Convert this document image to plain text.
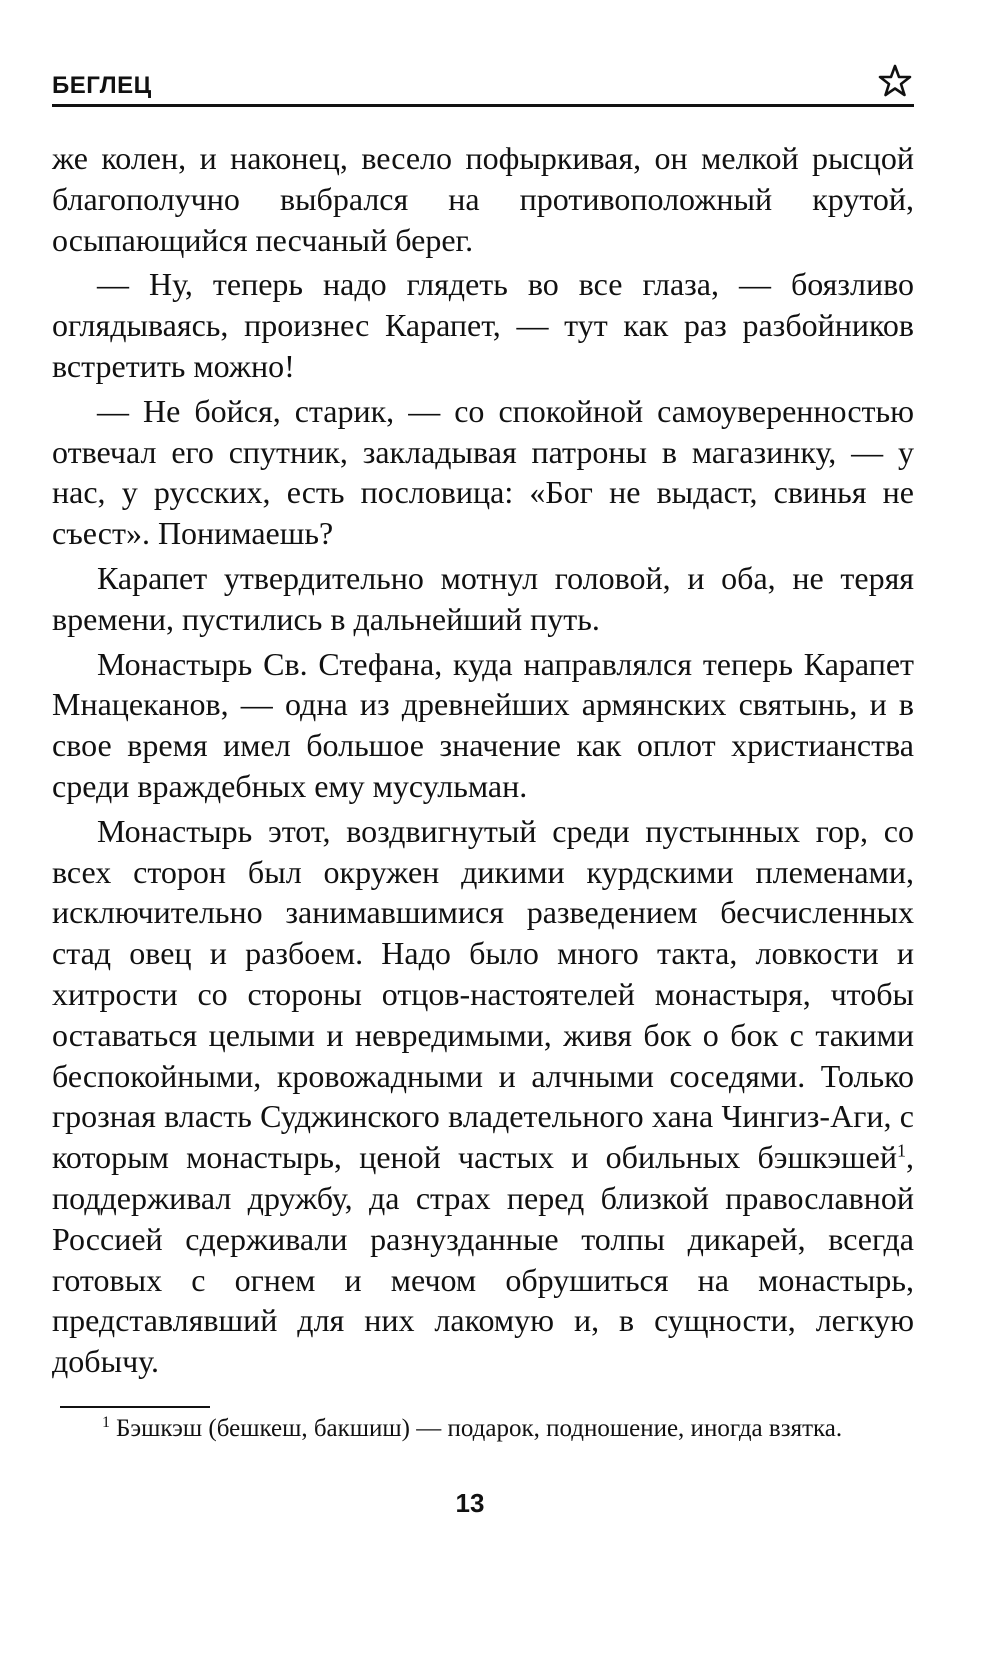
БЕГЛЕЦ

же колен, и наконец, весело пофыркивая, он мелкой рысцой благополучно выбрался на противоположный крутой, осыпающийся песчаный берег.

— Ну, теперь надо глядеть во все глаза, — боязливо оглядываясь, произнес Карапет, — тут как раз разбойников встретить можно!

— Не бойся, старик, — со спокойной самоуверенностью отвечал его спутник, закладывая патроны в магазинку, — у нас, у русских, есть пословица: «Бог не выдаст, свинья не съест». Понимаешь?

Карапет утвердительно мотнул головой, и оба, не теряя времени, пустились в дальнейший путь.

Монастырь Св. Стефана, куда направлялся теперь Карапет Мнацеканов, — одна из древнейших армянских святынь, и в свое время имел большое значение как оплот христианства среди враждебных ему мусульман.

Монастырь этот, воздвигнутый среди пустынных гор, со всех сторон был окружен дикими курдскими племенами, исключительно занимавшимися разведением бесчисленных стад овец и разбоем. Надо было много такта, ловкости и хитрости со стороны отцов-настоятелей монастыря, чтобы оставаться целыми и невредимыми, живя бок о бок с такими беспокойными, кровожадными и алчными соседями. Только грозная власть Суджинского владетельного хана Чингиз-Аги, с которым монастырь, ценой частых и обильных бэшкэшей$^1$, поддерживал дружбу, да страх перед близкой православной Россией сдерживали разнузданные толпы дикарей, всегда готовых с огнем и мечом обрушиться на монастырь, представлявший для них лакомую и, в сущности, легкую добычу.

$^1$ Бэшкэш (бешкеш, бакшиш) — подарок, подношение, иногда взятка.
13
